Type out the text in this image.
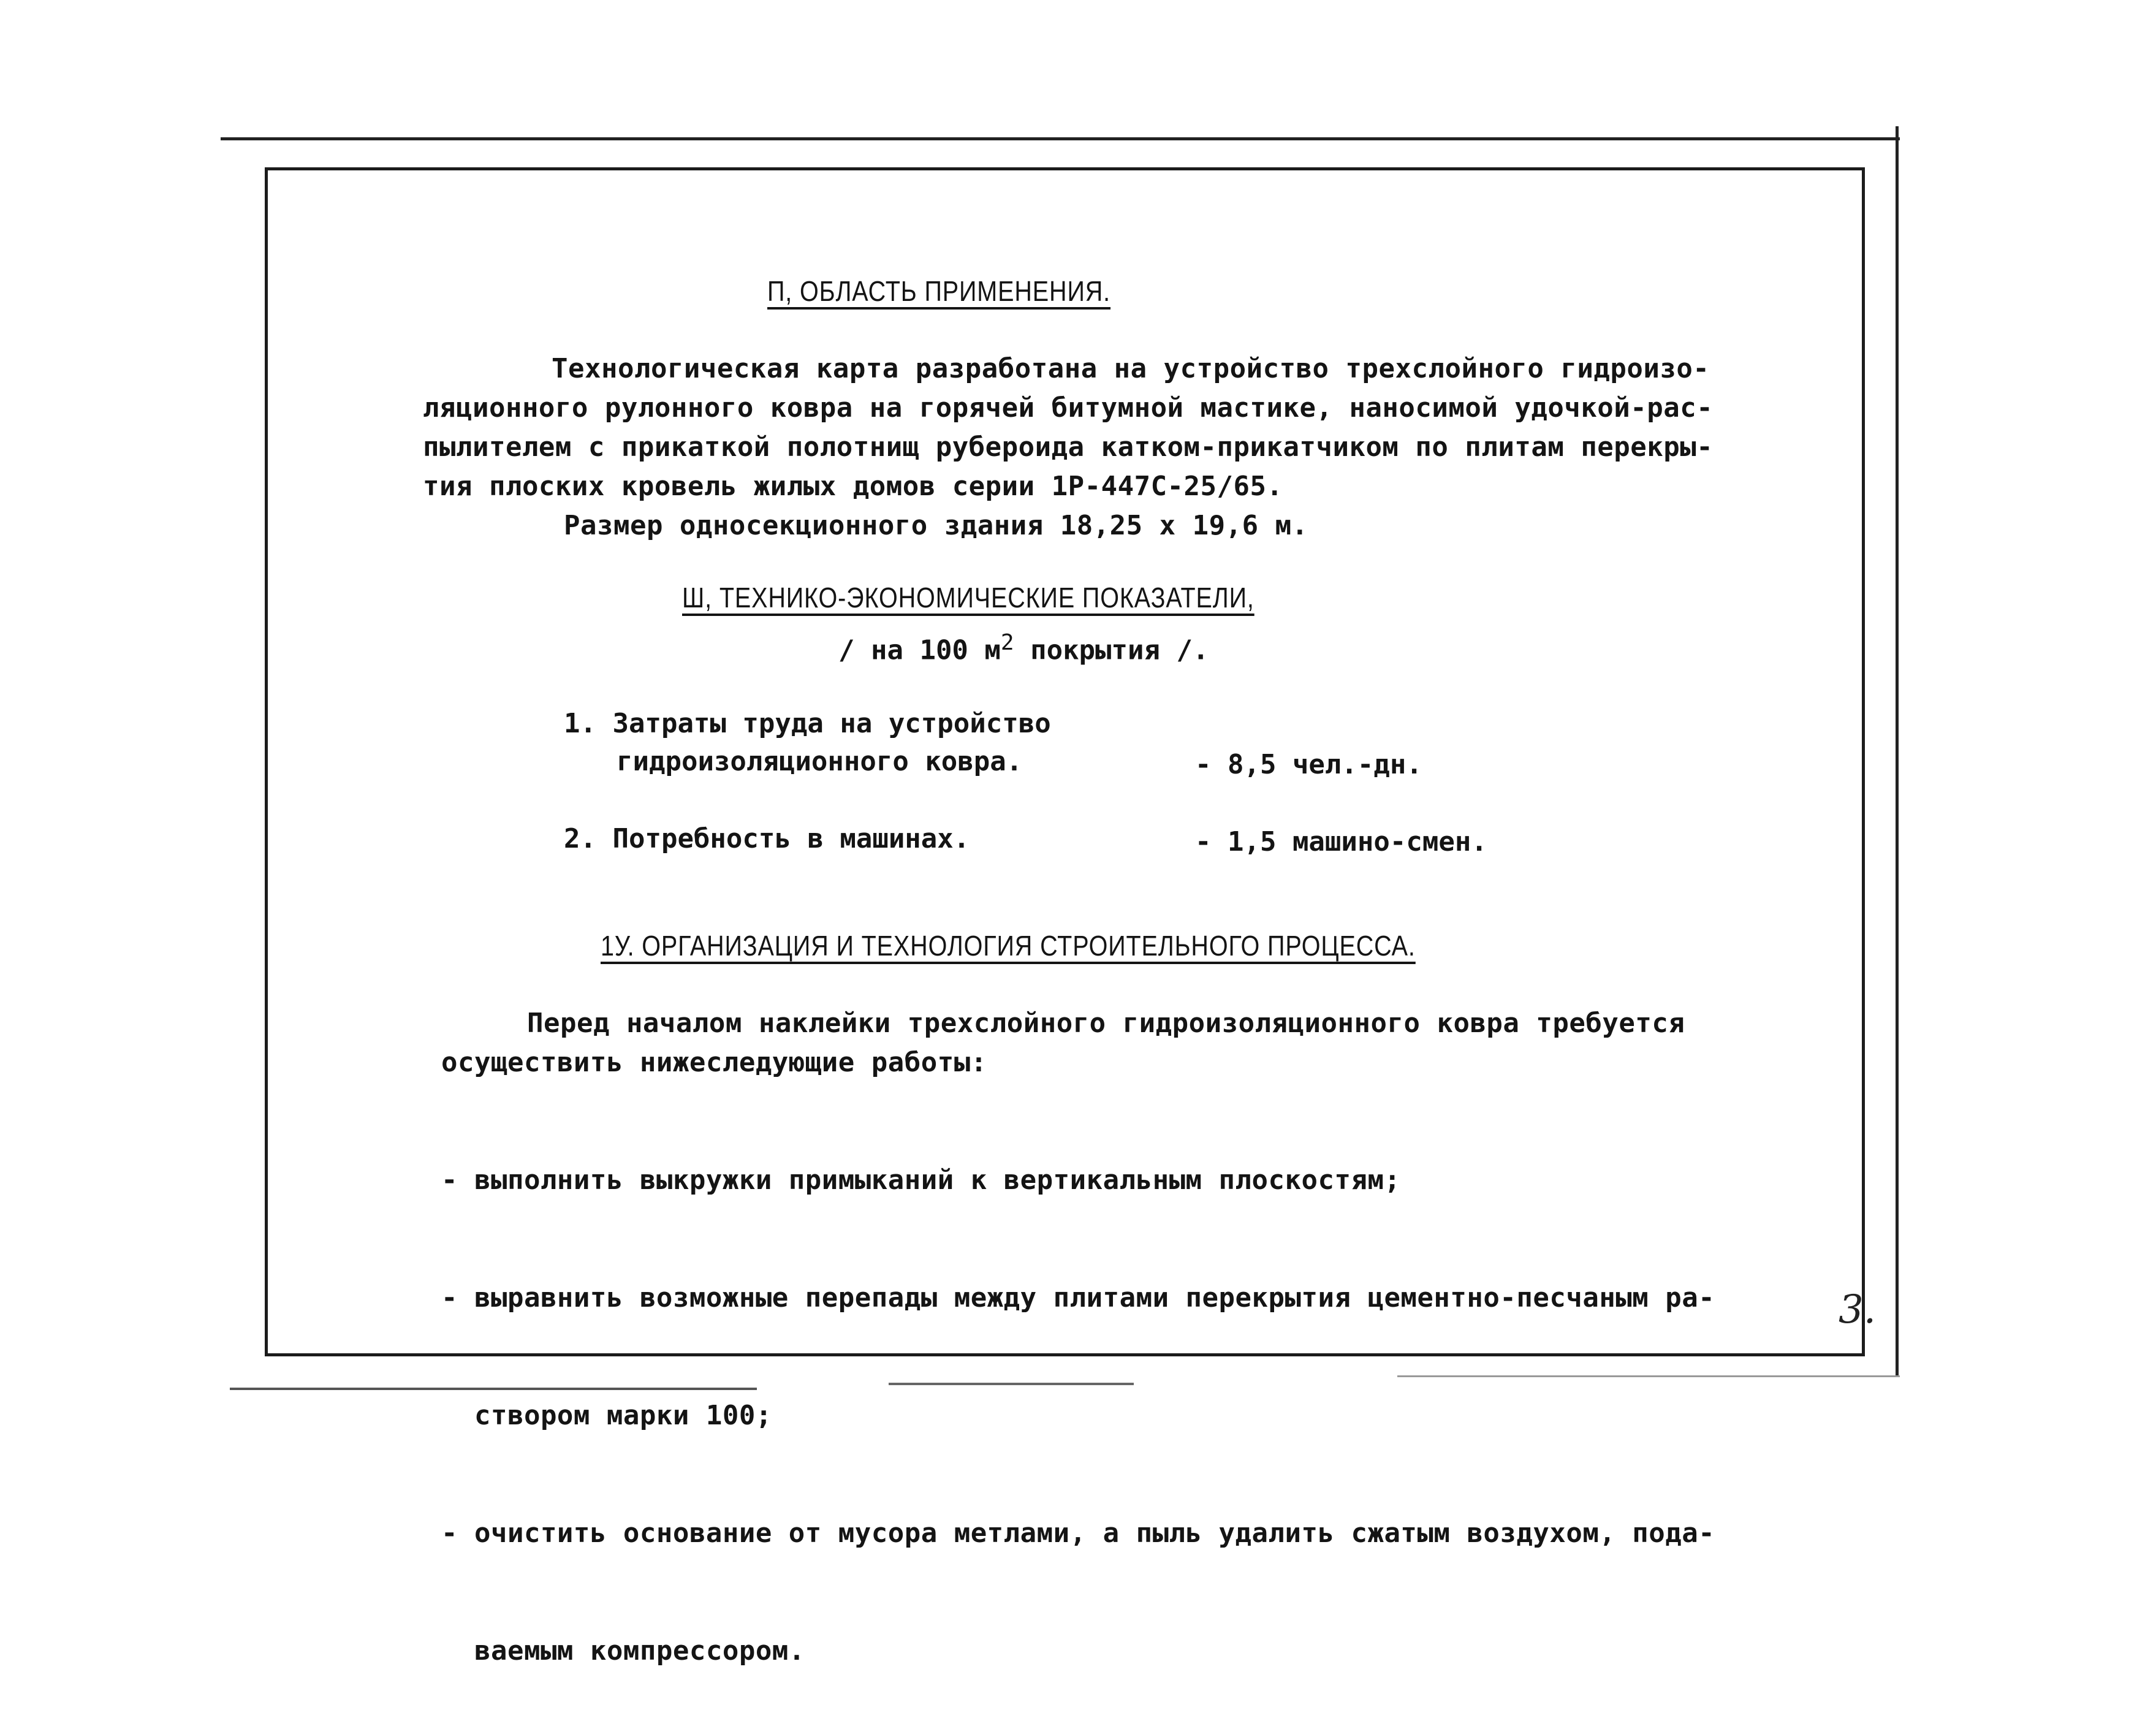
П, ОБЛАСТЬ ПРИМЕНЕНИЯ.
Технологическая карта разработана на устройство трехслойного гидроизо-
ляционного рулонного ковра на горячей битумной мастике, наносимой удочкой-рас-
пылителем с прикаткой полотнищ рубероида катком-прикатчиком по плитам перекры-
тия плоских кровель жилых домов серии 1Р-447С-25/65.
Размер односекционного здания 18,25 х 19,6 м.
Ш, ТЕХНИКО-ЭКОНОМИЧЕСКИЕ ПОКАЗАТЕЛИ,
/ на 100 $м^2$ покрытия /.
1. Затраты труда на устройство
гидроизоляционного ковра.	- 8,5 чел.-дн.
2. Потребность в машинах.	- 1,5 машино-смен.
1У. ОРГАНИЗАЦИЯ И ТЕХНОЛОГИЯ СТРОИТЕЛЬНОГО ПРОЦЕССА.
Перед началом наклейки трехслойного гидроизоляционного ковра требуется
осуществить нижеследующие работы:

- выполнить выкружки примыканий к вертикальным плоскостям;

- выравнить возможные перепады между плитами перекрытия цементно-песчаным ра-

створом марки 100;

- очистить основание от мусора метлами, а пыль удалить сжатым воздухом, пода-

ваемым компрессором.

3.
